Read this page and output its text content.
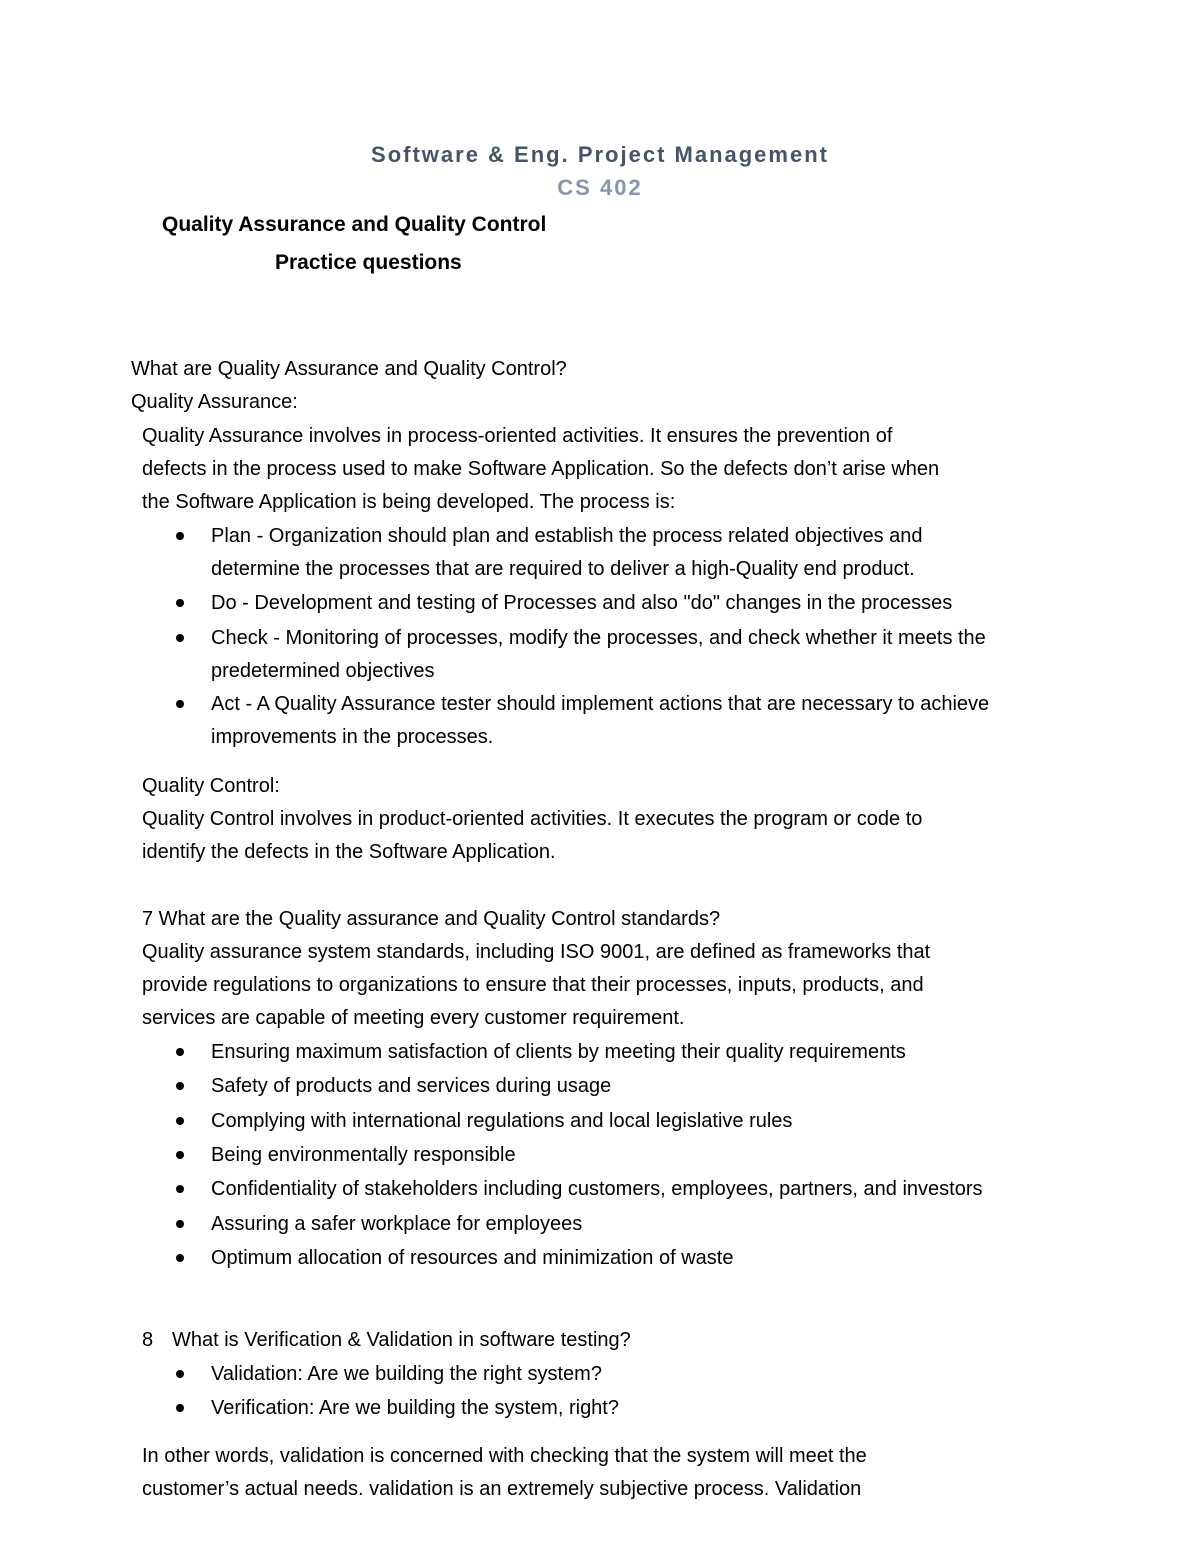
Software & Eng. Project Management
CS 402
Quality Assurance and Quality Control
Practice questions
What are Quality Assurance and Quality Control?
Quality Assurance:
Quality Assurance involves in process-oriented activities. It ensures the prevention of
defects in the process used to make Software Application. So the defects don’t arise when
the Software Application is being developed. The process is:
Plan - Organization should plan and establish the process related objectives and
determine the processes that are required to deliver a high-Quality end product.
Do - Development and testing of Processes and also "do" changes in the processes
Check - Monitoring of processes, modify the processes, and check whether it meets the
predetermined objectives
Act - A Quality Assurance tester should implement actions that are necessary to achieve
improvements in the processes.
Quality Control:
Quality Control involves in product-oriented activities. It executes the program or code to
identify the defects in the Software Application.
7 What are the Quality assurance and Quality Control standards?
Quality assurance system standards, including ISO 9001, are defined as frameworks that
provide regulations to organizations to ensure that their processes, inputs, products, and
services are capable of meeting every customer requirement.
Ensuring maximum satisfaction of clients by meeting their quality requirements
Safety of products and services during usage
Complying with international regulations and local legislative rules
Being environmentally responsible
Confidentiality of stakeholders including customers, employees, partners, and investors
Assuring a safer workplace for employees
Optimum allocation of resources and minimization of waste
8 What is Verification & Validation in software testing?
Validation: Are we building the right system?
Verification: Are we building the system, right?
In other words, validation is concerned with checking that the system will meet the
customer’s actual needs. validation is an extremely subjective process. Validation
